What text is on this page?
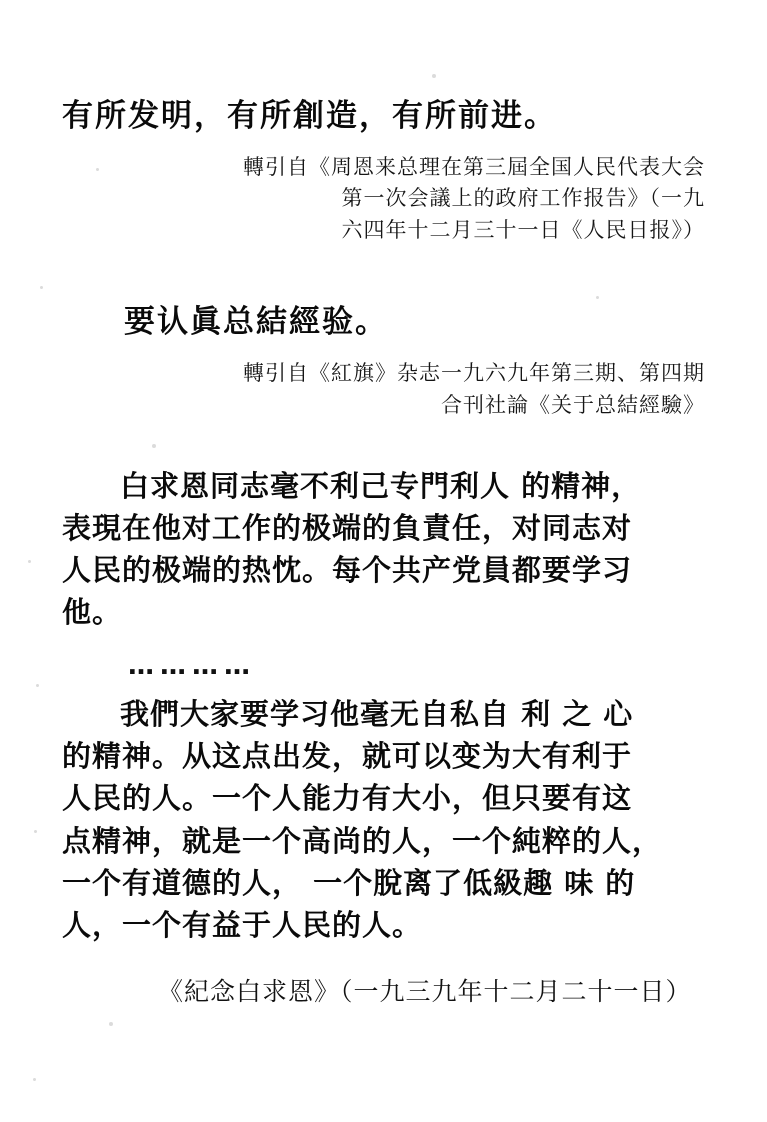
有所发明，有所創造，有所前进。
轉引自《周恩来总理在第三屆全国人民代表大会
第一次会議上的政府工作报告》（一九
六四年十二月三十一日《人民日报》）
要认眞总結經验。
轉引自《紅旗》杂志一九六九年第三期、第四期
合刊社論《关于总結經驗》
白求恩同志毫不利己专門利人 的精神，
表現在他对工作的极端的負責任，对同志对
人民的极端的热忱。每个共产党員都要学习
他。
…………
我們大家要学习他毫无自私自 利 之 心
的精神。从这点出发，就可以变为大有利于
人民的人。一个人能力有大小，但只要有这
点精神，就是一个高尚的人，一个純粹的人，
一个有道德的人， 一个脫离了低級趣 味 的
人，一个有益于人民的人。
《紀念白求恩》（一九三九年十二月二十一日）
